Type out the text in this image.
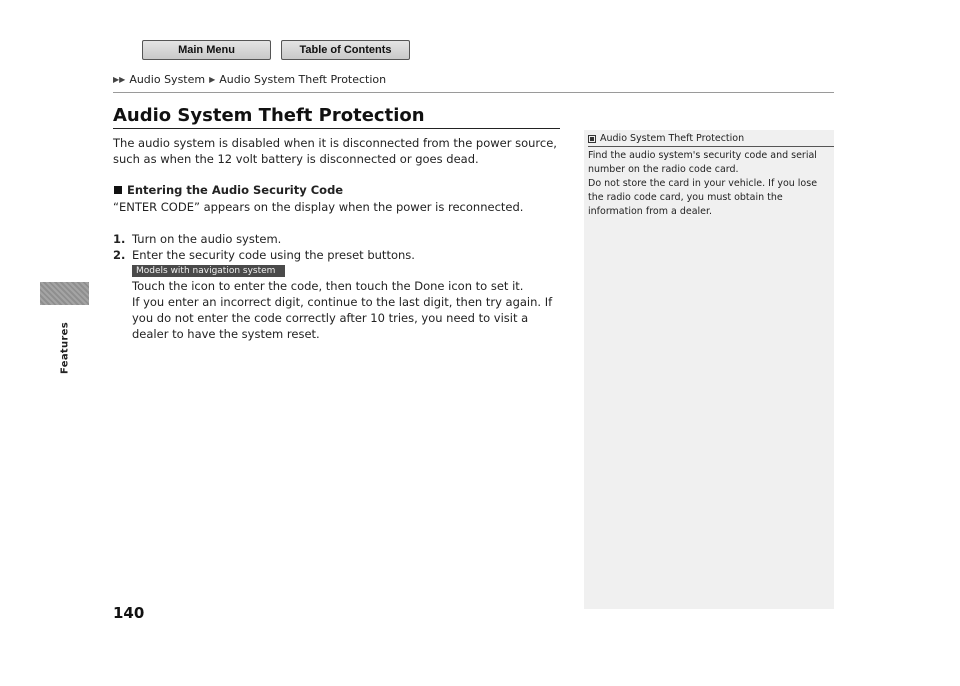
Main Menu	Table of Contents
▶▶ Audio System ▶ Audio System Theft Protection
Features
Audio System Theft Protection
The audio system is disabled when it is disconnected from the power source, such as when the 12 volt battery is disconnected or goes dead.
Entering the Audio Security Code
“ENTER CODE” appears on the display when the power is reconnected.
1. Turn on the audio system.
2. Enter the security code using the preset buttons.
Models with navigation system
Touch the icon to enter the code, then touch the Done icon to set it.
If you enter an incorrect digit, continue to the last digit, then try again. If you do not enter the code correctly after 10 tries, you need to visit a dealer to have the system reset.
Audio System Theft Protection
Find the audio system's security code and serial number on the radio code card.
Do not store the card in your vehicle. If you lose the radio code card, you must obtain the information from a dealer.
140
